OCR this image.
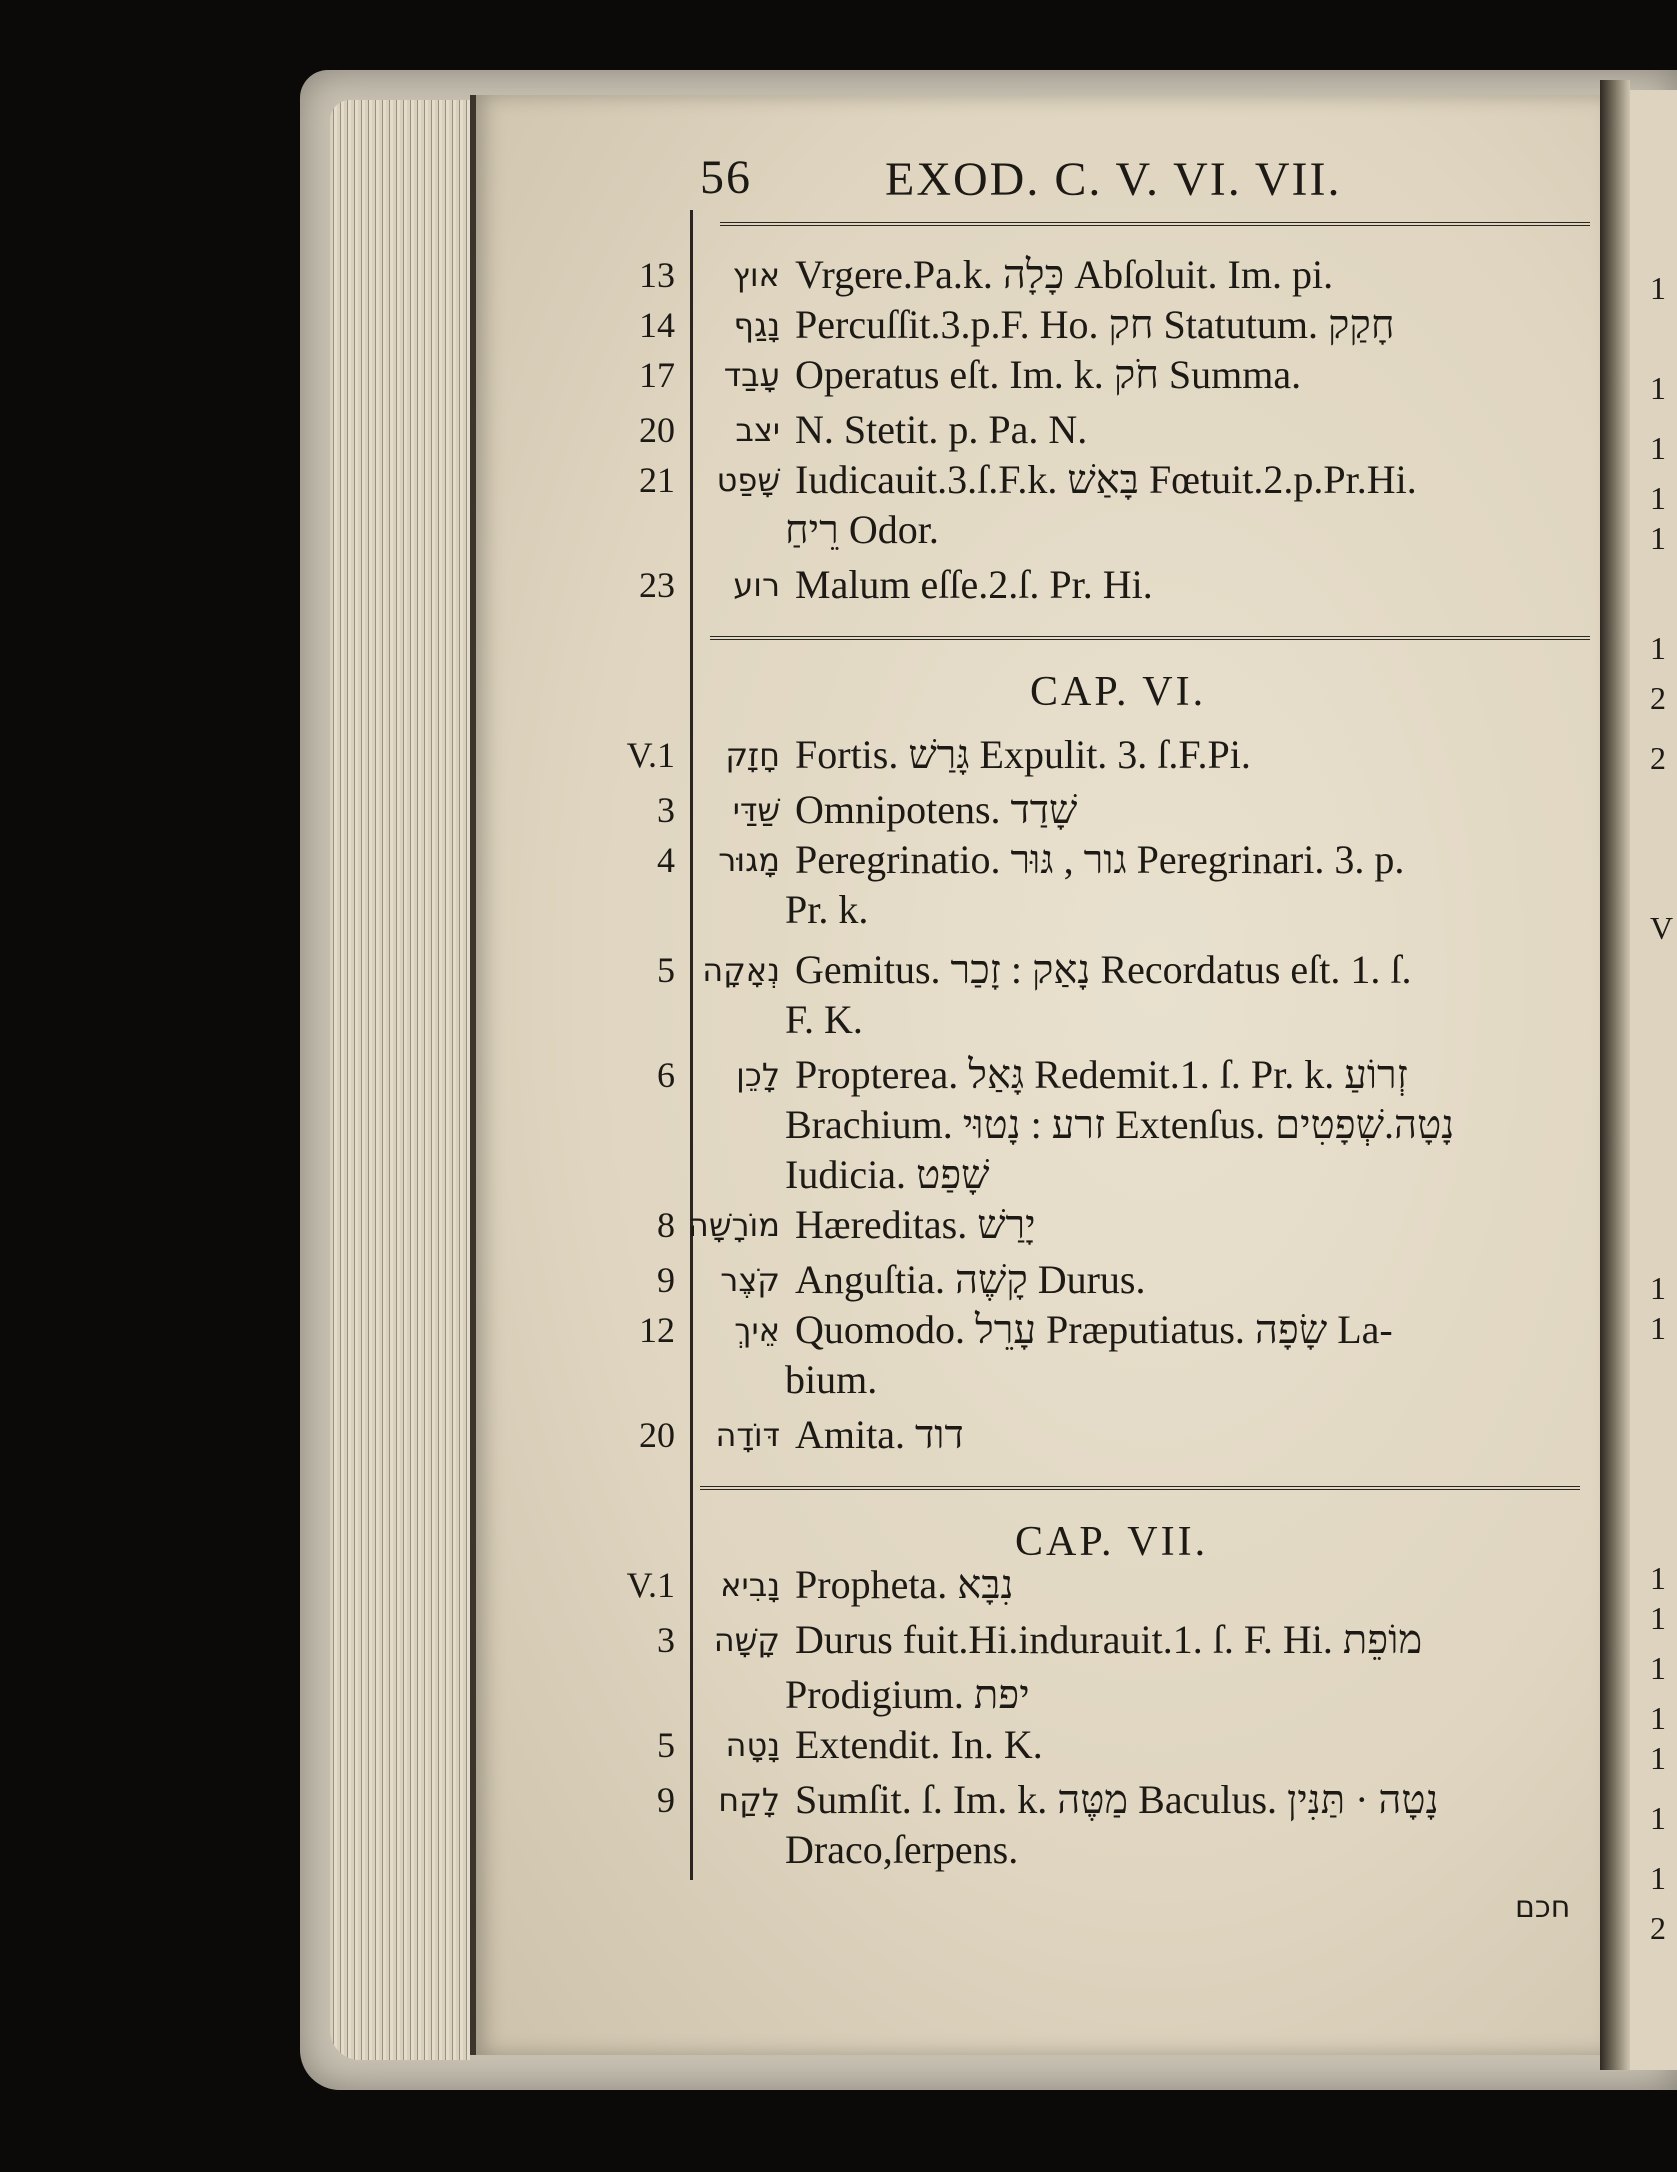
56	EXOD. C. V. VI. VII.
13 אוץ Vrgere.Pa.k. כָּלָה Abſoluit. Im. pi.
14 נָגַף Percuſſit.3.p.F. Ho. חק Statutum. חָקַק
17 עָבַד Operatus eſt. Im. k. חֹק Summa.
20 יצב N. Stetit. p. Pa. N.
21 שָׁפַט Iudicauit.3.ſ.F.k. בָּאַשׁ Fœtuit.2.p.Pr.Hi.
רֵיחַ Odor.
23 רוע Malum eſſe.2.ſ. Pr. Hi.
V.1 חָזָק Fortis. גָּרַשׁ Expulit. 3. ſ.F.Pi.
3 שַׁדַּי Omnipotens. שָׁדַד
4 מָגוּר Peregrinatio. גור , גּוּר Peregrinari. 3. p.
Pr. k.
5 נְאָקָה Gemitus. נָאַק : זָכַר Recordatus eſt. 1. ſ.
F. K.
6 לָכֵן Propterea. גָּאַל Redemit.1. ſ. Pr. k. זְרוֹעַ
Brachium. זרע : נָטוּי Extenſus. נָטָה.שְׁפָטִים
Iudicia. שָׁפַט
8 מוֹרָשָׁה Hæreditas. יָרַשׁ
9 קֹצֶר Anguſtia. קָשֶׁה Durus.
12 אֵיךְ Quomodo. עָרֵל Præputiatus. שָׂפָה La-
bium.
20 דּוֹדָה Amita. דוד
V.1 נָבִיא Propheta. נִבָּא
3 קָשָׁה Durus fuit.Hi.indurauit.1. ſ. F. Hi. מוֹפֵת
Prodigium. יפת
5 נָטָה Extendit. In. K.
9 לָקַח Sumſit. ſ. Im. k. מַטֶּה Baculus. נָטָה · תַּנִּין
Draco,ſerpens.
CAP. VI.
CAP. VII.
חכם
1
1
1
1
1
1
2
2
V
1
1
1
1
1
1
1
1
1
2
